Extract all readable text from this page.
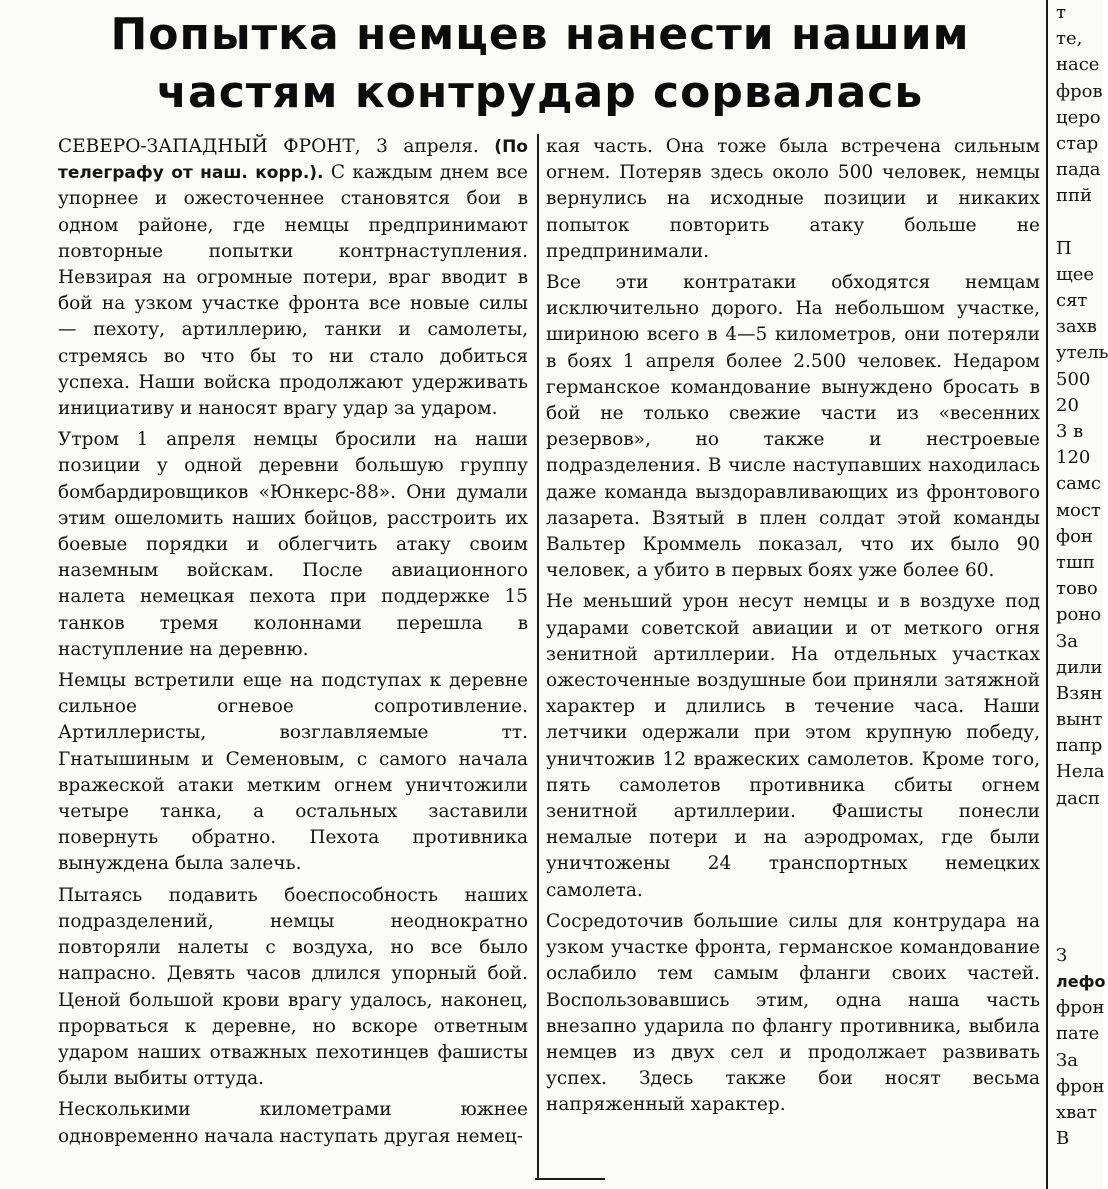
Попытка немцев нанести нашим
частям контрудар сорвалась

СЕВЕРО-ЗАПАДНЫЙ ФРОНТ, 3 апреля. (По телеграфу от наш. корр.). С каждым днем все упорнее и ожесточеннее становятся бои в одном районе, где немцы предпринимают повторные попытки контрнаступления. Невзирая на огромные потери, враг вводит в бой на узком участке фронта все новые силы — пехоту, артиллерию, танки и самолеты, стремясь во что бы то ни стало добиться успеха. Наши войска продолжают удерживать инициативу и наносят врагу удар за ударом.

Утром 1 апреля немцы бросили на наши позиции у одной деревни большую группу бомбардировщиков «Юнкерс-88». Они думали этим ошеломить наших бойцов, расстроить их боевые порядки и облегчить атаку своим наземным войскам. После авиационного налета немецкая пехота при поддержке 15 танков тремя колоннами перешла в наступление на деревню.

Немцы встретили еще на подступах к деревне сильное огневое сопротивление. Артиллеристы, возглавляемые тт. Гнатышиным и Семеновым, с самого начала вражеской атаки метким огнем уничтожили четыре танка, а остальных заставили повернуть обратно. Пехота противника вынуждена была залечь.

Пытаясь подавить боеспособность наших подразделений, немцы неоднократно повторяли налеты с воздуха, но все было напрасно. Девять часов длился упорный бой. Ценой большой крови врагу удалось, наконец, прорваться к деревне, но вскоре ответным ударом наших отважных пехотинцев фашисты были выбиты оттуда.

Несколькими километрами южнее одновременно начала наступать другая немец-

кая часть. Она тоже была встречена сильным огнем. Потеряв здесь около 500 человек, немцы вернулись на исходные позиции и никаких попыток повторить атаку больше не предпринимали.

Все эти контратаки обходятся немцам исключительно дорого. На небольшом участке, шириною всего в 4—5 километров, они потеряли в боях 1 апреля более 2.500 человек. Недаром германское командование вынуждено бросать в бой не только свежие части из «весенних резервов», но также и нестроевые подразделения. В числе наступавших находилась даже команда выздоравливающих из фронтового лазарета. Взятый в плен солдат этой команды Вальтер Кроммель показал, что их было 90 человек, а убито в первых боях уже более 60.

Не меньший урон несут немцы и в воздухе под ударами советской авиации и от меткого огня зенитной артиллерии. На отдельных участках ожесточенные воздушные бои приняли затяжной характер и длились в течение часа. Наши летчики одержали при этом крупную победу, уничтожив 12 вражеских самолетов. Кроме того, пять самолетов противника сбиты огнем зенитной артиллерии. Фашисты понесли немалые потери и на аэродромах, где были уничтожены 24 транспортных немецких самолета.

Сосредоточив большие силы для контрудара на узком участке фронта, германское командование ослабило тем самым фланги своих частей. Воспользовавшись этим, одна наша часть внезапно ударила по флангу противника, выбила немцев из двух сел и продолжает развивать успех. Здесь также бои носят весьма напряженный характер.

т
те,
насе
фров
церо
стар
пада
ппй
П
щее
сят
захв
утель
500
20
3 в
120
самс
мост
фон
тшп
тово
роно
За
дили
Взян
вынт
папр
Нела
дасп
З
лефо
фрон
пате
За
фрон
хват
В
